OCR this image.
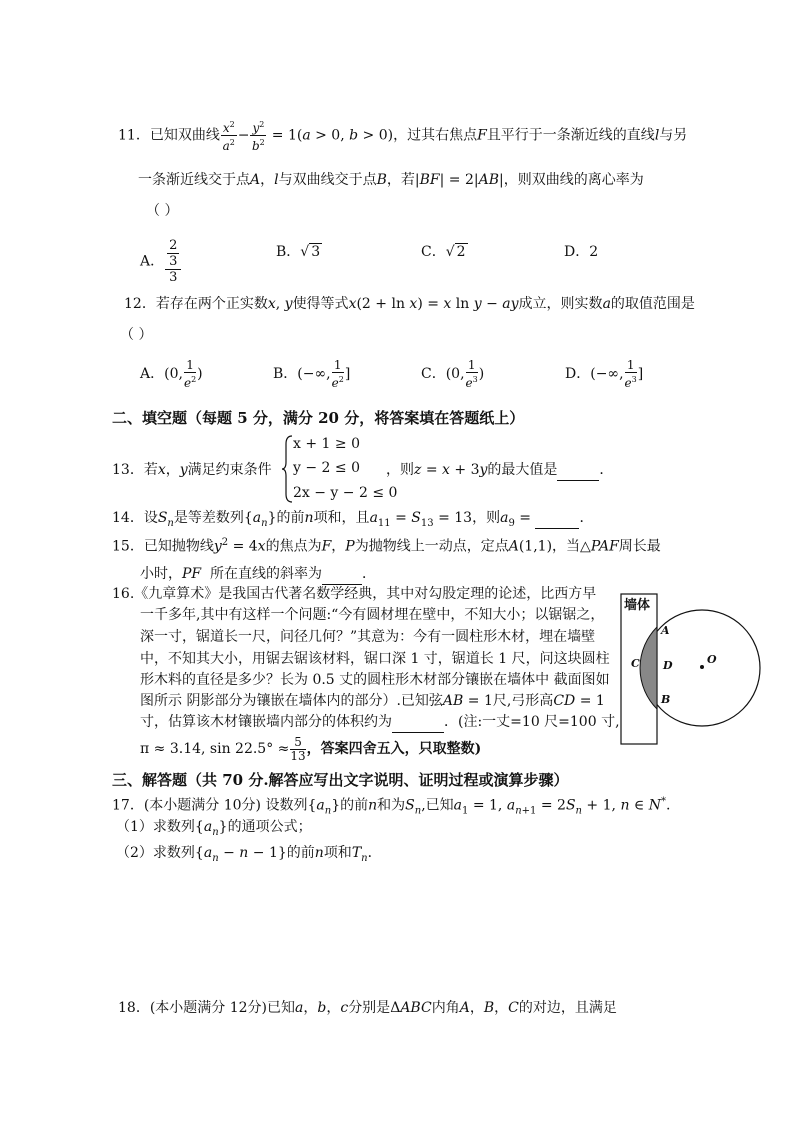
11．已知双曲线 $\frac{x^2}{a^2} - \frac{y^2}{b^2} = 1(a > 0$, b > 0)，过其右焦点F且平行于一条渐近线的直线l与另
一条渐近线交于点A，l与双曲线交于点B，若|BF| = 2|AB|，则双曲线的离心率为
（ ）
A． 2
3
3	B．√ 3	C．√ 2	D．2
12．若存在两个正实数x, y使得等式x(2 + ln x) = x ln y − ay成立，则实数a的取值范围是
（ ）
A．(0, $\frac{1}{e^2}$ )	B．(−∞, $\frac{1}{e^2}$ ]	C．(0, $\frac{1}{e^3}$ )	D．(−∞, $\frac{1}{e^3}$ ]
二、填空题（每题 5 分，满分 20 分，将答案填在答题纸上）
13．若x，y满足约束条件
x + 1 ≥ 0
y − 2 ≤ 0
2x − y − 2 ≤ 0
，则z = x + 3y的最大值是	．
14．设$S_n$是等差数列$\{a_n\}$的前n项和，且$a_{11} = S_{13} = 13$，则$a_9$ =	．
15．已知抛物线$y^2 = 4x$的焦点为F，P为抛物线上一动点，定点A(1,1)，当△PAF周长最
小时，PF 所在直线的斜率为	．
16.《九章算术》是我国古代著名数学经典，其中对勾股定理的论述，比西方早
一千多年,其中有这样一个问题:“今有圆材埋在壁中，不知大小；以锯锯之，
深一寸，锯道长一尺，问径几何？”其意为：今有一圆柱形木材，埋在墙壁
中，不知其大小，用锯去锯该材料，锯口深 1 寸，锯道长 1 尺，问这块圆柱
形木料的直径是多少？长为 0.5 丈的圆柱形木材部分镶嵌在墙体中 截面图如
图所示 阴影部分为镶嵌在墙体内的部分）.已知弦AB = 1尺,弓形高CD = 1
寸，估算该木材镶嵌墙内部分的体积约为	．(注:一丈=10 尺=100 寸,
π ≈ 3.14, $\sin 22.5^\circ \approx \frac{5}{13}$ ，答案四舍五入，只取整数)
墙体
A
B
C D	O
三、解答题（共 70 分.解答应写出文字说明、证明过程或演算步骤）
17．(本小题满分 10分) 设数列$\{a_n\}$的前n和为$S_n$,已知$a_1 = 1$, $a_{n+1} = 2S_n + 1$, n ∈ N*.
（1）求数列$\{a_n\}$的通项公式；
（2）求数列$\{a_n - n - 1\}$的前n项和$T_n$．
18．(本小题满分 12分)已知a，b，c分别是ΔABC内角A，B，C的对边，且满足
